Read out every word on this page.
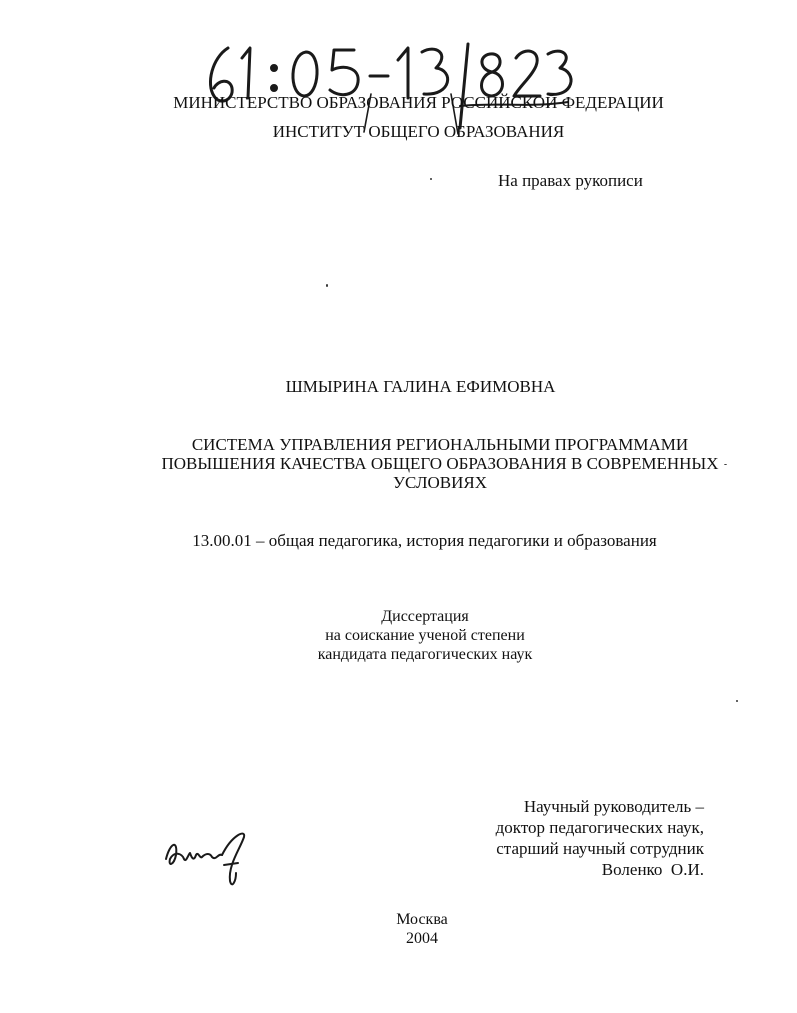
МИНИСТЕРСТВО ОБРАЗОВАНИЯ РОССИЙСКОЙ ФЕДЕРАЦИИ
ИНСТИТУТ ОБЩЕГО ОБРАЗОВАНИЯ
На правах рукописи
ШМЫРИНА ГАЛИНА ЕФИМОВНА
СИСТЕМА УПРАВЛЕНИЯ РЕГИОНАЛЬНЫМИ ПРОГРАММАМИ
ПОВЫШЕНИЯ КАЧЕСТВА ОБЩЕГО ОБРАЗОВАНИЯ В СОВРЕМЕННЫХ
УСЛОВИЯХ
13.00.01 – общая педагогика, история педагогики и образования
Диссертация
на соискание ученой степени
кандидата педагогических наук
Научный руководитель –
доктор педагогических наук,
старший научный сотрудник
Воленко  О.И.
Москва
2004
